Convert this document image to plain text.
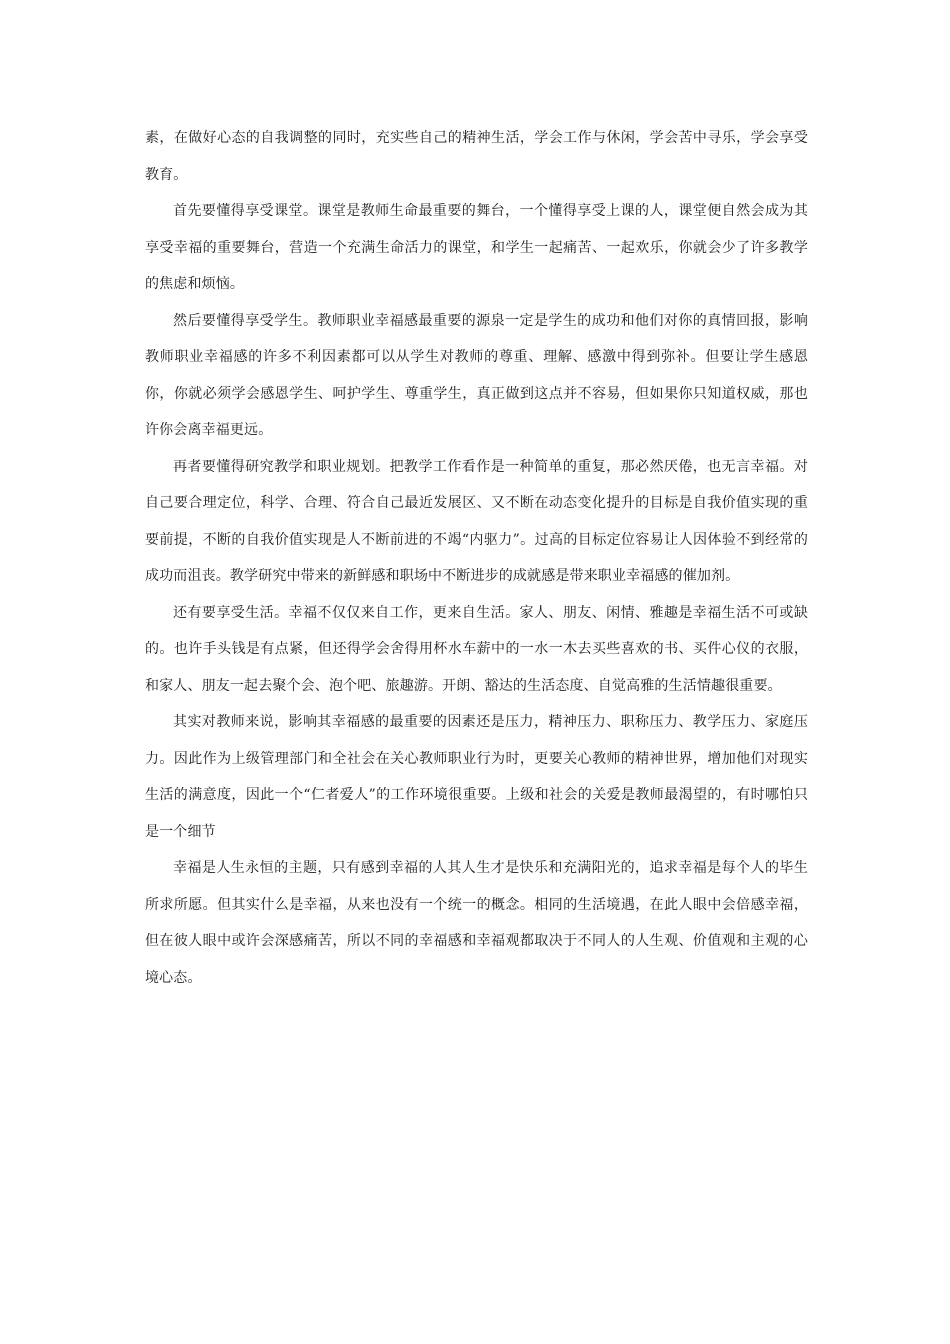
素，在做好心态的自我调整的同时，充实些自己的精神生活，学会工作与休闲，学会苦中寻乐，学会享受教育。

首先要懂得享受课堂。课堂是教师生命最重要的舞台，一个懂得享受上课的人，课堂便自然会成为其享受幸福的重要舞台，营造一个充满生命活力的课堂，和学生一起痛苦、一起欢乐，你就会少了许多教学的焦虑和烦恼。

然后要懂得享受学生。教师职业幸福感最重要的源泉一定是学生的成功和他们对你的真情回报，影响教师职业幸福感的许多不利因素都可以从学生对教师的尊重、理解、感激中得到弥补。但要让学生感恩你，你就必须学会感恩学生、呵护学生、尊重学生，真正做到这点并不容易，但如果你只知道权威，那也许你会离幸福更远。

再者要懂得研究教学和职业规划。把教学工作看作是一种简单的重复，那必然厌倦，也无言幸福。对自己要合理定位，科学、合理、符合自己最近发展区、又不断在动态变化提升的目标是自我价值实现的重要前提，不断的自我价值实现是人不断前进的不竭“内驱力”。过高的目标定位容易让人因体验不到经常的成功而沮丧。教学研究中带来的新鲜感和职场中不断进步的成就感是带来职业幸福感的催加剂。

还有要享受生活。幸福不仅仅来自工作，更来自生活。家人、朋友、闲情、雅趣是幸福生活不可或缺的。也许手头钱是有点紧，但还得学会舍得用杯水车薪中的一水一木去买些喜欢的书、买件心仪的衣服，和家人、朋友一起去聚个会、泡个吧、旅趣游。开朗、豁达的生活态度、自觉高雅的生活情趣很重要。

其实对教师来说，影响其幸福感的最重要的因素还是压力，精神压力、职称压力、教学压力、家庭压力。因此作为上级管理部门和全社会在关心教师职业行为时，更要关心教师的精神世界，增加他们对现实生活的满意度，因此一个“仁者爱人”的工作环境很重要。上级和社会的关爱是教师最渴望的，有时哪怕只是一个细节

幸福是人生永恒的主题，只有感到幸福的人其人生才是快乐和充满阳光的，追求幸福是每个人的毕生所求所愿。但其实什么是幸福，从来也没有一个统一的概念。相同的生活境遇，在此人眼中会倍感幸福，但在彼人眼中或许会深感痛苦，所以不同的幸福感和幸福观都取决于不同人的人生观、价值观和主观的心境心态。
